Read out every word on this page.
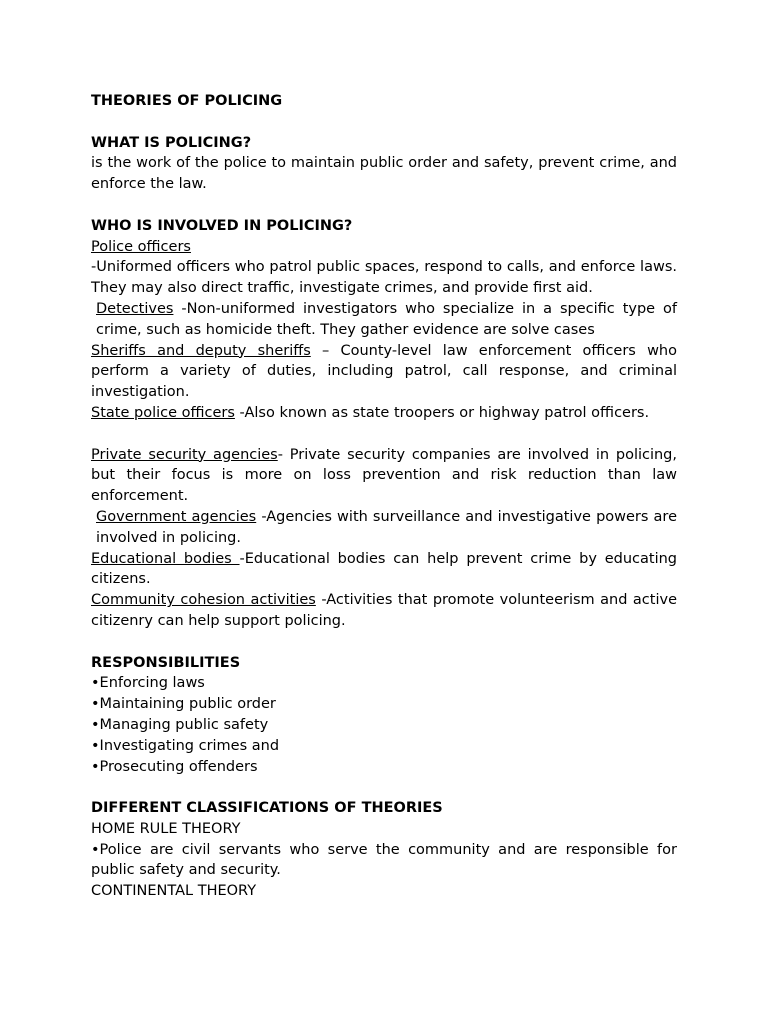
THEORIES OF POLICING
WHAT IS POLICING?
is the work of the police to maintain public order and safety, prevent crime, and enforce the law.
WHO IS INVOLVED IN POLICING?
Police officers
-Uniformed officers who patrol public spaces, respond to calls, and enforce laws. They may also direct traffic, investigate crimes, and provide first aid.
Detectives -Non-uniformed investigators who specialize in a specific type of crime, such as homicide theft. They gather evidence are solve cases
Sheriffs and deputy sheriffs – County-level law enforcement officers who perform a variety of duties, including patrol, call response, and criminal investigation.
State police officers -Also known as state troopers or highway patrol officers.
Private security agencies- Private security companies are involved in policing, but their focus is more on loss prevention and risk reduction than law enforcement.
Government agencies -Agencies with surveillance and investigative powers are involved in policing.
Educational bodies -Educational bodies can help prevent crime by educating citizens.
Community cohesion activities -Activities that promote volunteerism and active citizenry can help support policing.
RESPONSIBILITIES
•Enforcing laws
•Maintaining public order
•Managing public safety
•Investigating crimes and
•Prosecuting offenders
DIFFERENT CLASSIFICATIONS OF THEORIES
HOME RULE THEORY
•Police are civil servants who serve the community and are responsible for public safety and security.
CONTINENTAL THEORY
